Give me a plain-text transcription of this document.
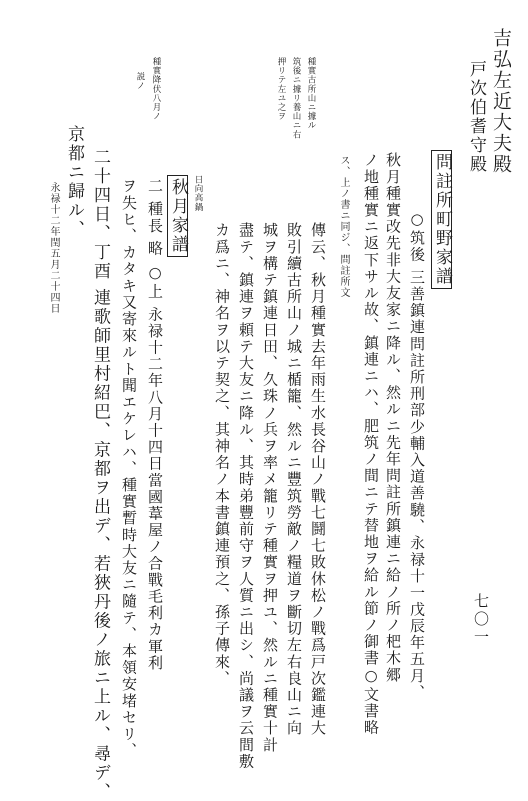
七〇一
吉弘左近大夫殿
戸次伯耆守殿
問註所町野家譜
○筑後 三善鎮連問註所刑部少輔入道善驍、永禄十一戊辰年五月、
秋月種實改先非大友家ニ降ル、然ルニ先年問註所鎮連ニ給ノ所ノ杷木郷
ノ地種實ニ返下サル故、鎮連ニハ、肥筑ノ間ニテ替地ヲ給ル節ノ御書○文書略
ス、上ノ書ニ同ジ、問註所文
種實古所山ニ據ル
筑後ニ據リ養山ニ右
押リテ左ユ之ヲ
種實降伏八月ノ
説ノ
傳云、秋月種實去年雨生水長谷山ノ戰七鬪七敗休松ノ戰爲戸次鑑連大
敗引續古所山ノ城ニ楯籠、然ルニ豐筑勞敵ノ糧道ヲ斷切左右良山ニ向
城ヲ構テ鎮連日田、久珠ノ兵ヲ率メ籠リテ種實ヲ押ユ、然ルニ種實十計
盡テ、鎮連ヲ頼テ大友ニ降ル、其時弟豐前守ヲ人質ニ出シ、尚議ヲ云間敷
カ爲ニ、神名ヲ以テ契之、其神名ノ本書鎮連預之、孫子傳來、
日向高鍋
秋月家譜
二 種長 略 ○上 永禄十二年八月十四日當國葦屋ノ合戰毛利カ軍利
ヲ失ヒ、カタキ又寄來ルト聞エケレハ、種實暫時大友ニ隨テ、本領安堵セリ、
永禄十二年閏五月二十四日 二十四日、丁酉 連歌師里村紹巴、京都ヲ出デ、若狹丹後ノ旅ニ上ル、尋デ、
京都ニ歸ル、
